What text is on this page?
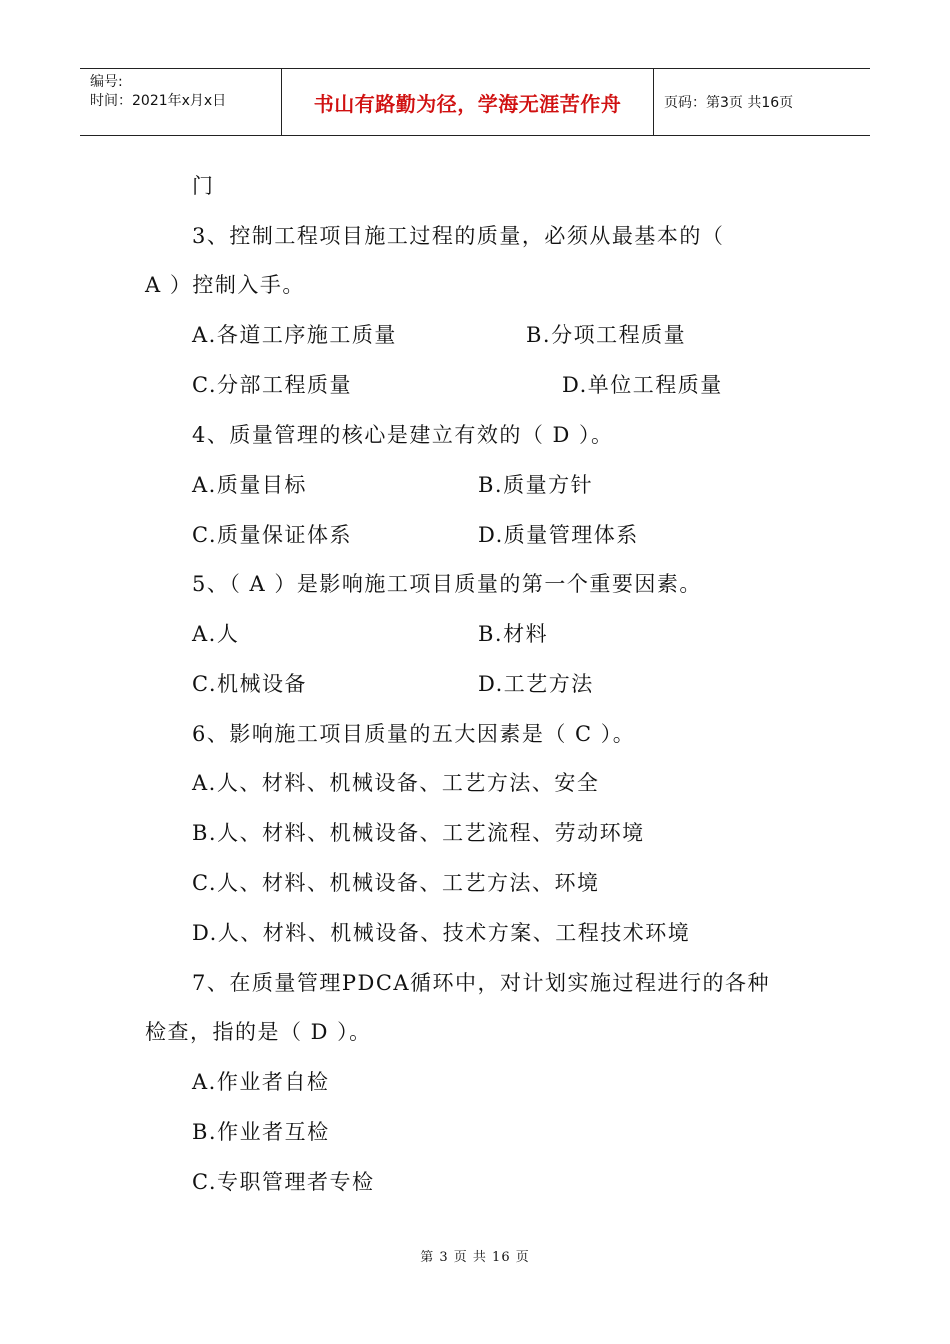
编号:
时间：2021年x月x日	书山有路勤为径，学海无涯苦作舟	页码：第3页 共16页
门
3、控制工程项目施工过程的质量，必须从最基本的（
A ）控制入手。
A.各道工序施工质量	B.分项工程质量
C.分部工程质量	D.单位工程质量
4、质量管理的核心是建立有效的（ D ）。
A.质量目标	B.质量方针
C.质量保证体系	D.质量管理体系
5、（ A ）是影响施工项目质量的第一个重要因素。
A.人	B.材料
C.机械设备	D.工艺方法
6、影响施工项目质量的五大因素是（ C ）。
A.人、材料、机械设备、工艺方法、安全
B.人、材料、机械设备、工艺流程、劳动环境
C.人、材料、机械设备、工艺方法、环境
D.人、材料、机械设备、技术方案、工程技术环境
7、在质量管理PDCA循环中，对计划实施过程进行的各种
检查，指的是（ D ）。
A.作业者自检
B.作业者互检
C.专职管理者专检
第 3 页 共 16 页
